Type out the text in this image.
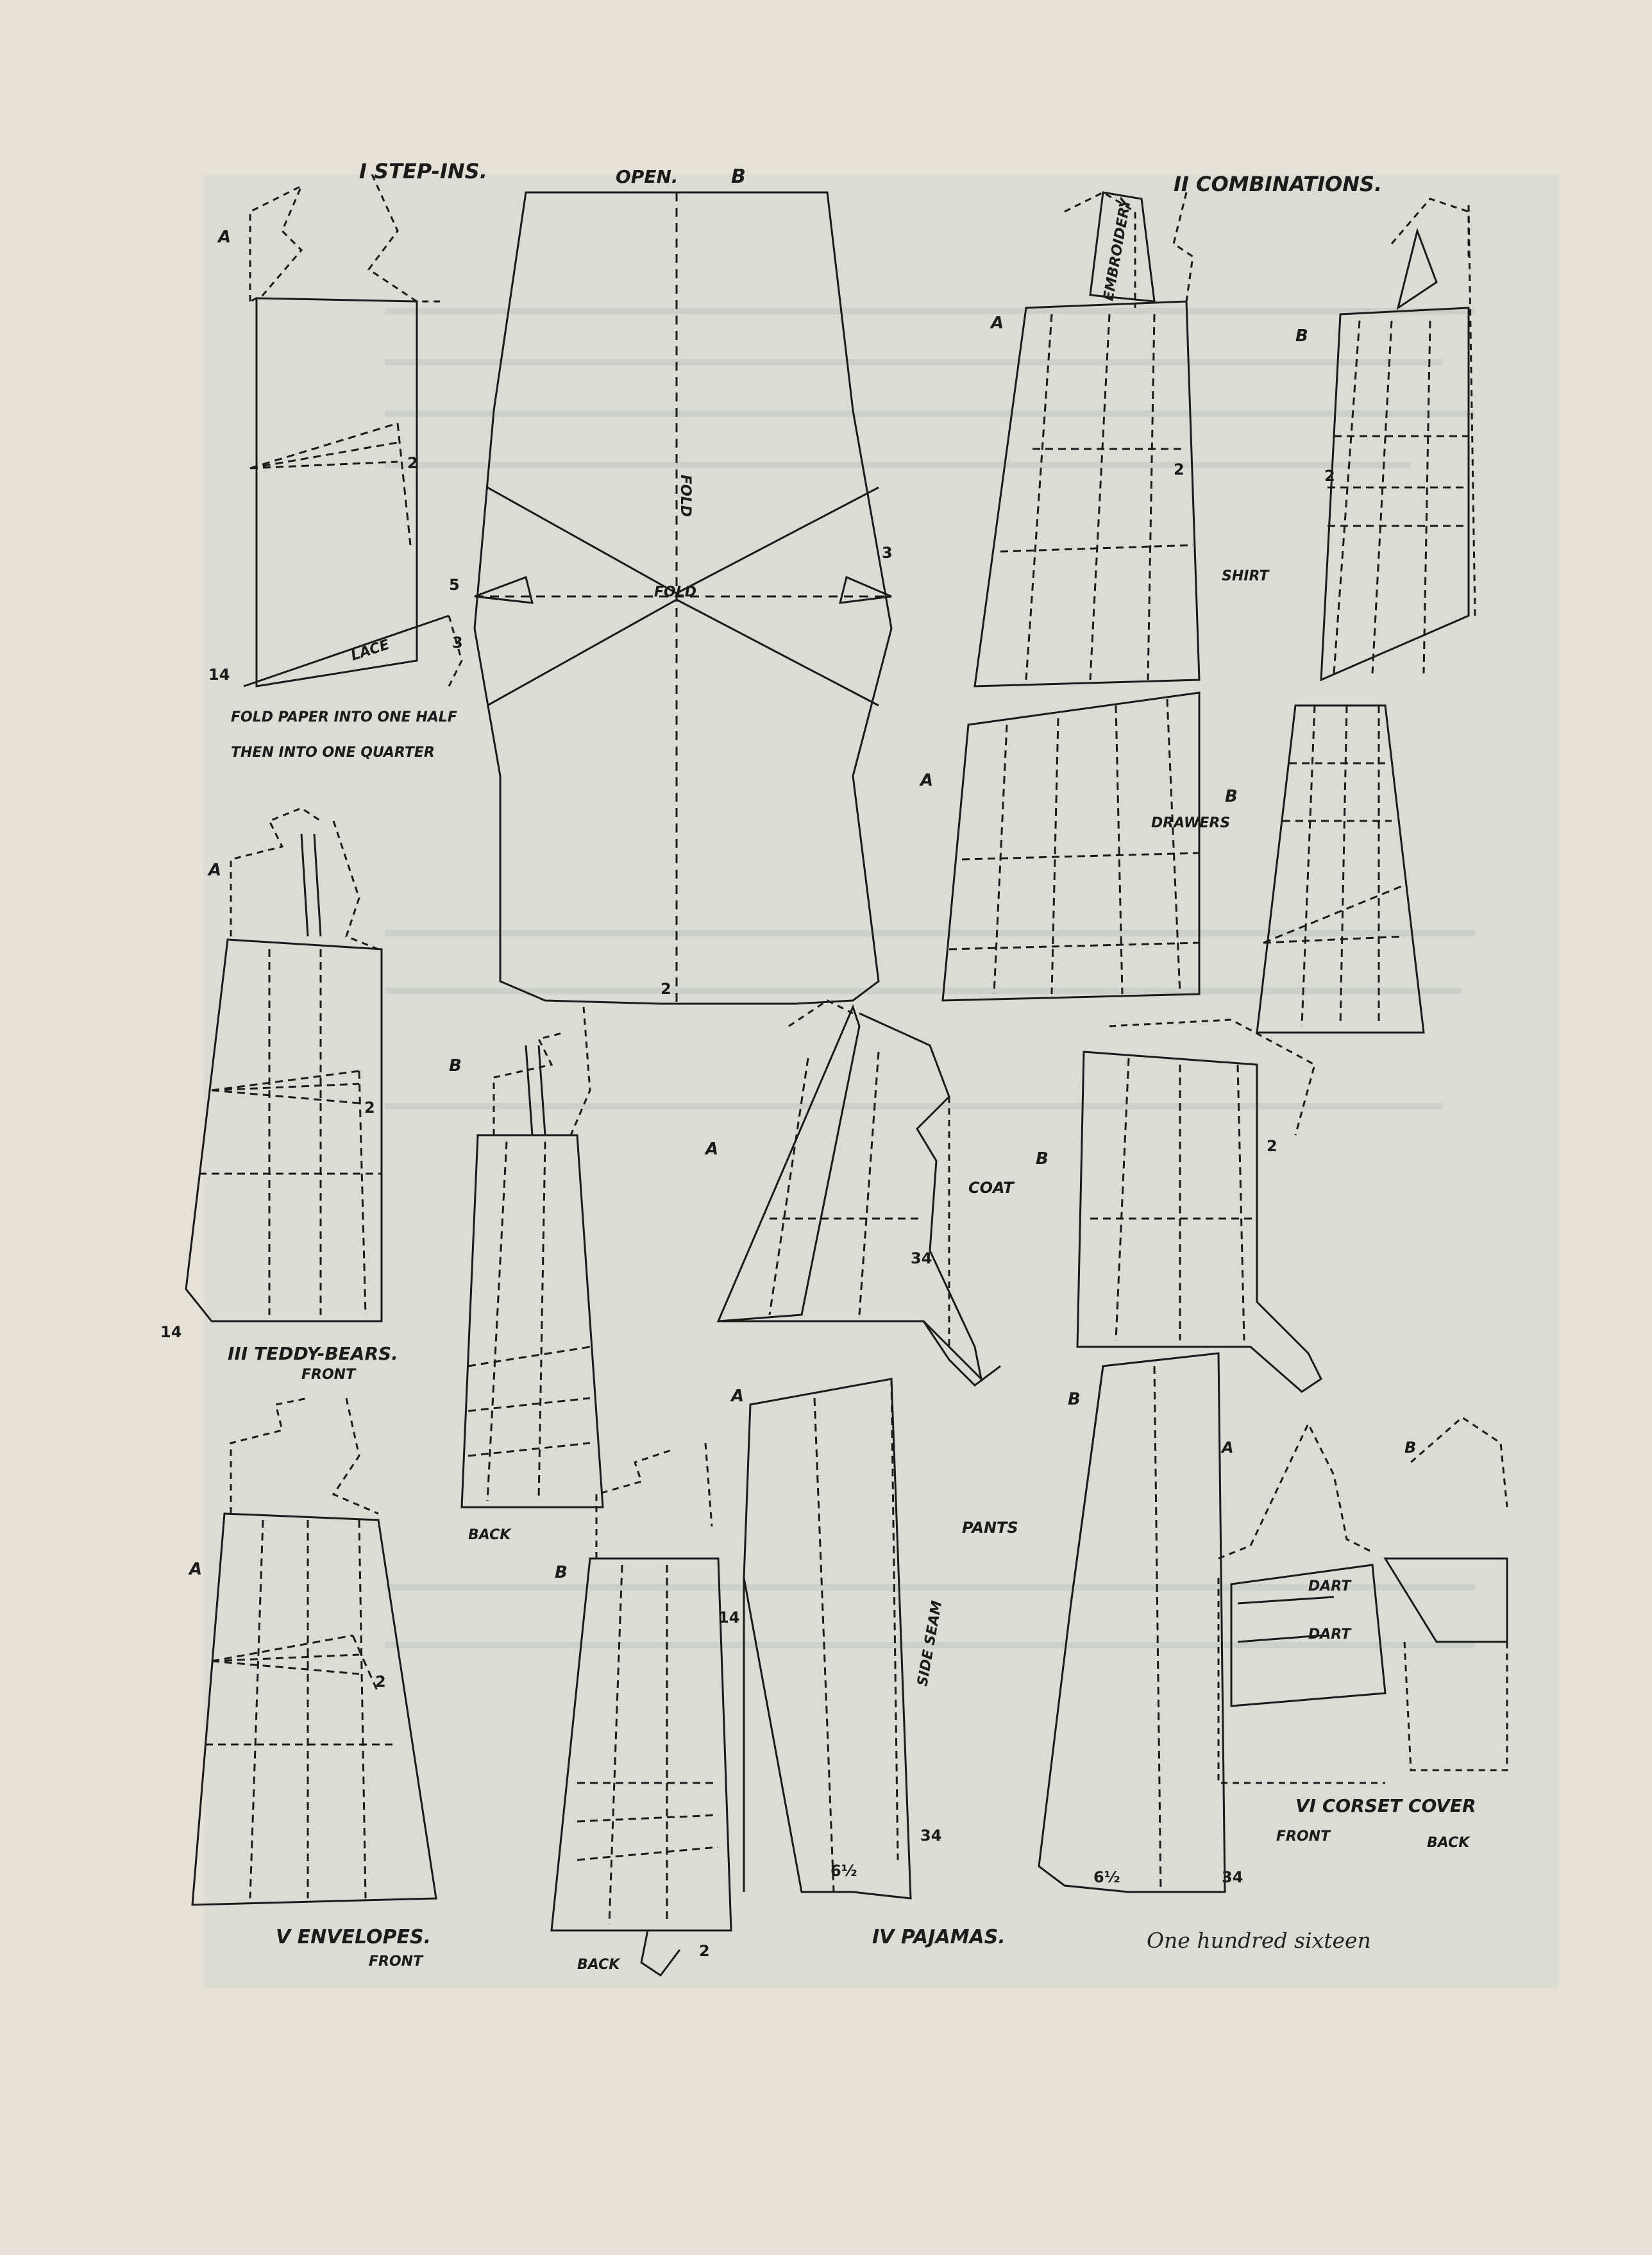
I STEP-INS.	OPEN.	B	II COMBINATIONS.
A
FOLD
FOLD
LACE
FOLD PAPER INTO ONE HALF
THEN INTO ONE QUARTER
2
14
5
3
2
3
A
B
EMBROIDERY
SHIRT
2	2
A
B
DRAWERS
A
B
2
14
III TEDDY-BEARS.
FRONT
BACK
A	B
COAT
2
34
A	B
2
V ENVELOPES.
FRONT	BACK
2
A	B
PANTS
SIDE SEAM
14
34
6½	6½	34
IV PAJAMAS.
A	B
DART
DART
VI CORSET COVER
FRONT	BACK
One hundred sixteen
